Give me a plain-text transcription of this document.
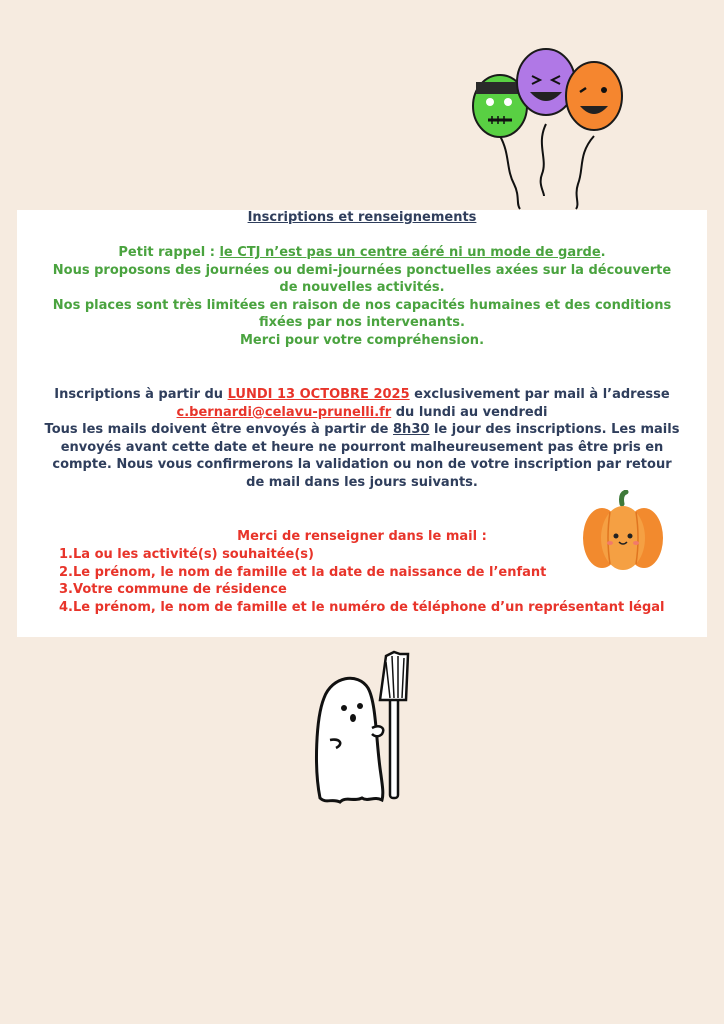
Inscriptions et renseignements
Petit rappel : le CTJ n’est pas un centre aéré ni un mode de garde.
Nous proposons des journées ou demi-journées ponctuelles axées sur la découverte
de nouvelles activités.
Nos places sont très limitées en raison de nos capacités humaines et des conditions
fixées par nos intervenants.
Merci pour votre compréhension.
Inscriptions à partir du LUNDI 13 OCTOBRE 2025 exclusivement par mail à l’adresse
c.bernardi@celavu-prunelli.fr du lundi au vendredi
Tous les mails doivent être envoyés à partir de 8h30 le jour des inscriptions. Les mails
envoyés avant cette date et heure ne pourront malheureusement pas être pris en
compte. Nous vous confirmerons la validation ou non de votre inscription par retour
de mail dans les jours suivants.
Merci de renseigner dans le mail :
1.La ou les activité(s) souhaitée(s)
2.Le prénom, le nom de famille et la date de naissance de l’enfant
3.Votre commune de résidence
4.Le prénom, le nom de famille et le numéro de téléphone d’un représentant légal
